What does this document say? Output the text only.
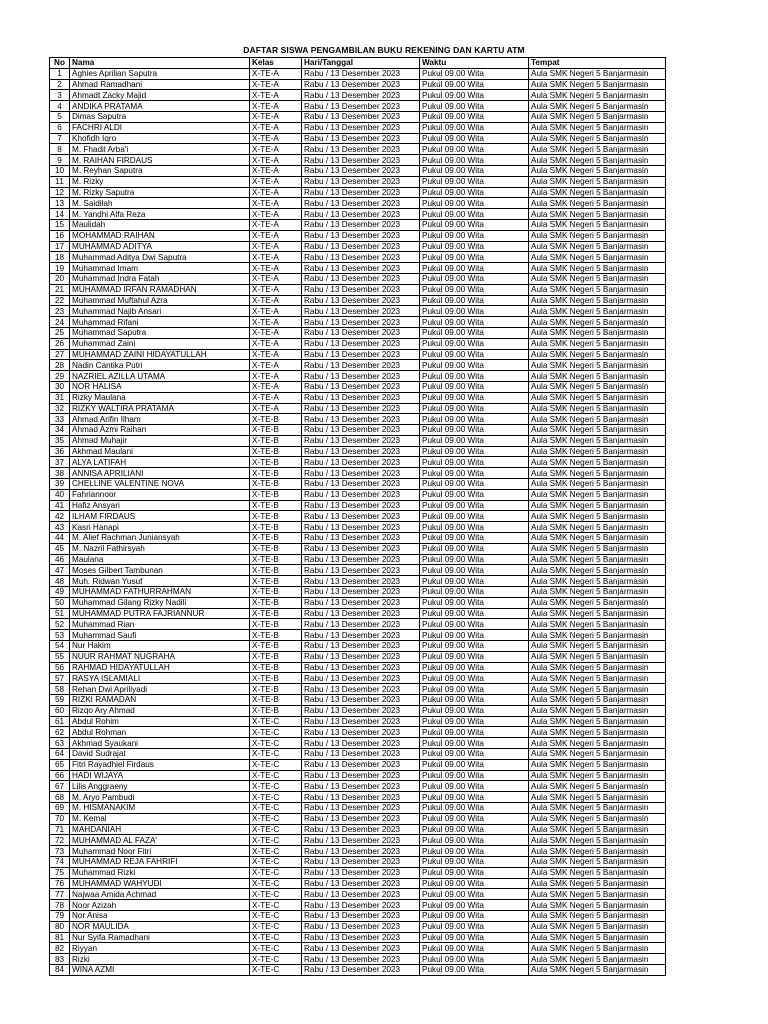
DAFTAR SISWA PENGAMBILAN BUKU REKENING DAN KARTU ATM
No	Nama	Kelas	Hari/Tanggal	Waktu	Tempat
1	Aghies Aprilian Saputra	X-TE-A	Rabu / 13 Desember 2023	Pukul 09.00 Wita	Aula SMK Negeri 5 Banjarmasin
2	Ahmad Ramadhani	X-TE-A	Rabu / 13 Desember 2023	Pukul 09.00 Wita	Aula SMK Negeri 5 Banjarmasin
3	Ahmadt Zacky Majid	X-TE-A	Rabu / 13 Desember 2023	Pukul 09.00 Wita	Aula SMK Negeri 5 Banjarmasin
4	ANDIKA PRATAMA	X-TE-A	Rabu / 13 Desember 2023	Pukul 09.00 Wita	Aula SMK Negeri 5 Banjarmasin
5	Dimas Saputra	X-TE-A	Rabu / 13 Desember 2023	Pukul 09.00 Wita	Aula SMK Negeri 5 Banjarmasin
6	FACHRI ALDI	X-TE-A	Rabu / 13 Desember 2023	Pukul 09.00 Wita	Aula SMK Negeri 5 Banjarmasin
7	Khofidh Iqro	X-TE-A	Rabu / 13 Desember 2023	Pukul 09.00 Wita	Aula SMK Negeri 5 Banjarmasin
8	M. Fhadil Arba'i	X-TE-A	Rabu / 13 Desember 2023	Pukul 09.00 Wita	Aula SMK Negeri 5 Banjarmasin
9	M. RAIHAN FIRDAUS	X-TE-A	Rabu / 13 Desember 2023	Pukul 09.00 Wita	Aula SMK Negeri 5 Banjarmasin
10	M. Reyhan Saputra	X-TE-A	Rabu / 13 Desember 2023	Pukul 09.00 Wita	Aula SMK Negeri 5 Banjarmasin
11	M. Rizky	X-TE-A	Rabu / 13 Desember 2023	Pukul 09.00 Wita	Aula SMK Negeri 5 Banjarmasin
12	M. Rizky Saputra	X-TE-A	Rabu / 13 Desember 2023	Pukul 09.00 Wita	Aula SMK Negeri 5 Banjarmasin
13	M. Saidilah	X-TE-A	Rabu / 13 Desember 2023	Pukul 09.00 Wita	Aula SMK Negeri 5 Banjarmasin
14	M. Yandhi Alfa Reza	X-TE-A	Rabu / 13 Desember 2023	Pukul 09.00 Wita	Aula SMK Negeri 5 Banjarmasin
15	Maulidah	X-TE-A	Rabu / 13 Desember 2023	Pukul 09.00 Wita	Aula SMK Negeri 5 Banjarmasin
16	MOHAMMAD RAIHAN	X-TE-A	Rabu / 13 Desember 2023	Pukul 09.00 Wita	Aula SMK Negeri 5 Banjarmasin
17	MUHAMMAD ADITYA	X-TE-A	Rabu / 13 Desember 2023	Pukul 09.00 Wita	Aula SMK Negeri 5 Banjarmasin
18	Muhammad Aditya Dwi Saputra	X-TE-A	Rabu / 13 Desember 2023	Pukul 09.00 Wita	Aula SMK Negeri 5 Banjarmasin
19	Muhammad Imam	X-TE-A	Rabu / 13 Desember 2023	Pukul 09.00 Wita	Aula SMK Negeri 5 Banjarmasin
20	Muhammad Indra Fatah	X-TE-A	Rabu / 13 Desember 2023	Pukul 09.00 Wita	Aula SMK Negeri 5 Banjarmasin
21	MUHAMMAD IRFAN RAMADHAN	X-TE-A	Rabu / 13 Desember 2023	Pukul 09.00 Wita	Aula SMK Negeri 5 Banjarmasin
22	Muhammad Muftahul Azra	X-TE-A	Rabu / 13 Desember 2023	Pukul 09.00 Wita	Aula SMK Negeri 5 Banjarmasin
23	Muhammad Najib Ansari	X-TE-A	Rabu / 13 Desember 2023	Pukul 09.00 Wita	Aula SMK Negeri 5 Banjarmasin
24	Muhammad Rifani	X-TE-A	Rabu / 13 Desember 2023	Pukul 09.00 Wita	Aula SMK Negeri 5 Banjarmasin
25	Muhammad Saputra	X-TE-A	Rabu / 13 Desember 2023	Pukul 09.00 Wita	Aula SMK Negeri 5 Banjarmasin
26	Muhammad Zaini	X-TE-A	Rabu / 13 Desember 2023	Pukul 09.00 Wita	Aula SMK Negeri 5 Banjarmasin
27	MUHAMMAD ZAINI HIDAYATULLAH	X-TE-A	Rabu / 13 Desember 2023	Pukul 09.00 Wita	Aula SMK Negeri 5 Banjarmasin
28	Nadin Cantika Putri	X-TE-A	Rabu / 13 Desember 2023	Pukul 09.00 Wita	Aula SMK Negeri 5 Banjarmasin
29	NAZRIEL AZILLA UTAMA	X-TE-A	Rabu / 13 Desember 2023	Pukul 09.00 Wita	Aula SMK Negeri 5 Banjarmasin
30	NOR HALISA	X-TE-A	Rabu / 13 Desember 2023	Pukul 09.00 Wita	Aula SMK Negeri 5 Banjarmasin
31	Rizky Maulana	X-TE-A	Rabu / 13 Desember 2023	Pukul 09.00 Wita	Aula SMK Negeri 5 Banjarmasin
32	RIZKY WALTIRA PRATAMA	X-TE-A	Rabu / 13 Desember 2023	Pukul 09.00 Wita	Aula SMK Negeri 5 Banjarmasin
33	Ahmad Arifin Ilham	X-TE-B	Rabu / 13 Desember 2023	Pukul 09.00 Wita	Aula SMK Negeri 5 Banjarmasin
34	Ahmad Azmi Raihan	X-TE-B	Rabu / 13 Desember 2023	Pukul 09.00 Wita	Aula SMK Negeri 5 Banjarmasin
35	Ahmad Muhajir	X-TE-B	Rabu / 13 Desember 2023	Pukul 09.00 Wita	Aula SMK Negeri 5 Banjarmasin
36	Akhmad Maulani	X-TE-B	Rabu / 13 Desember 2023	Pukul 09.00 Wita	Aula SMK Negeri 5 Banjarmasin
37	ALYA LATIFAH	X-TE-B	Rabu / 13 Desember 2023	Pukul 09.00 Wita	Aula SMK Negeri 5 Banjarmasin
38	ANNISA APRILIANI	X-TE-B	Rabu / 13 Desember 2023	Pukul 09.00 Wita	Aula SMK Negeri 5 Banjarmasin
39	CHELLINE VALENTINE NOVA	X-TE-B	Rabu / 13 Desember 2023	Pukul 09.00 Wita	Aula SMK Negeri 5 Banjarmasin
40	Fahriannoor	X-TE-B	Rabu / 13 Desember 2023	Pukul 09.00 Wita	Aula SMK Negeri 5 Banjarmasin
41	Hafiz Ansyari	X-TE-B	Rabu / 13 Desember 2023	Pukul 09.00 Wita	Aula SMK Negeri 5 Banjarmasin
42	ILHAM FIRDAUS	X-TE-B	Rabu / 13 Desember 2023	Pukul 09.00 Wita	Aula SMK Negeri 5 Banjarmasin
43	Kasri Hanapi	X-TE-B	Rabu / 13 Desember 2023	Pukul 09.00 Wita	Aula SMK Negeri 5 Banjarmasin
44	M. Alief Rachman Juniansyah	X-TE-B	Rabu / 13 Desember 2023	Pukul 09.00 Wita	Aula SMK Negeri 5 Banjarmasin
45	M. Nazril Fathirsyah	X-TE-B	Rabu / 13 Desember 2023	Pukul 09.00 Wita	Aula SMK Negeri 5 Banjarmasin
46	Maulana	X-TE-B	Rabu / 13 Desember 2023	Pukul 09.00 Wita	Aula SMK Negeri 5 Banjarmasin
47	Moses Gilbert Tambunan	X-TE-B	Rabu / 13 Desember 2023	Pukul 09.00 Wita	Aula SMK Negeri 5 Banjarmasin
48	Muh. Ridwan Yusuf	X-TE-B	Rabu / 13 Desember 2023	Pukul 09.00 Wita	Aula SMK Negeri 5 Banjarmasin
49	MUHAMMAD FATHURRAHMAN	X-TE-B	Rabu / 13 Desember 2023	Pukul 09.00 Wita	Aula SMK Negeri 5 Banjarmasin
50	Muhammad Gilang Rizky Nadili	X-TE-B	Rabu / 13 Desember 2023	Pukul 09.00 Wita	Aula SMK Negeri 5 Banjarmasin
51	MUHAMMAD PUTRA FAJRIANNUR	X-TE-B	Rabu / 13 Desember 2023	Pukul 09.00 Wita	Aula SMK Negeri 5 Banjarmasin
52	Muhammad Rian	X-TE-B	Rabu / 13 Desember 2023	Pukul 09.00 Wita	Aula SMK Negeri 5 Banjarmasin
53	Muhammad Saufi	X-TE-B	Rabu / 13 Desember 2023	Pukul 09.00 Wita	Aula SMK Negeri 5 Banjarmasin
54	Nur Hakim	X-TE-B	Rabu / 13 Desember 2023	Pukul 09.00 Wita	Aula SMK Negeri 5 Banjarmasin
55	NUUR RAHMAT NUGRAHA	X-TE-B	Rabu / 13 Desember 2023	Pukul 09.00 Wita	Aula SMK Negeri 5 Banjarmasin
56	RAHMAD HIDAYATULLAH	X-TE-B	Rabu / 13 Desember 2023	Pukul 09.00 Wita	Aula SMK Negeri 5 Banjarmasin
57	RASYA ISLAMIALI	X-TE-B	Rabu / 13 Desember 2023	Pukul 09.00 Wita	Aula SMK Negeri 5 Banjarmasin
58	Rehan Dwi Apriliyadi	X-TE-B	Rabu / 13 Desember 2023	Pukul 09.00 Wita	Aula SMK Negeri 5 Banjarmasin
59	RIZKI RAMADAN	X-TE-B	Rabu / 13 Desember 2023	Pukul 09.00 Wita	Aula SMK Negeri 5 Banjarmasin
60	Rizqo Ary Ahmad	X-TE-B	Rabu / 13 Desember 2023	Pukul 09.00 Wita	Aula SMK Negeri 5 Banjarmasin
61	Abdul Rohim	X-TE-C	Rabu / 13 Desember 2023	Pukul 09.00 Wita	Aula SMK Negeri 5 Banjarmasin
62	Abdul Rohman	X-TE-C	Rabu / 13 Desember 2023	Pukul 09.00 Wita	Aula SMK Negeri 5 Banjarmasin
63	Akhmad Syaukani	X-TE-C	Rabu / 13 Desember 2023	Pukul 09.00 Wita	Aula SMK Negeri 5 Banjarmasin
64	David Sudrajat	X-TE-C	Rabu / 13 Desember 2023	Pukul 09.00 Wita	Aula SMK Negeri 5 Banjarmasin
65	Fitri Rayadhiel Firdaus	X-TE-C	Rabu / 13 Desember 2023	Pukul 09.00 Wita	Aula SMK Negeri 5 Banjarmasin
66	HADI WIJAYA	X-TE-C	Rabu / 13 Desember 2023	Pukul 09.00 Wita	Aula SMK Negeri 5 Banjarmasin
67	Lilis Anggraeny	X-TE-C	Rabu / 13 Desember 2023	Pukul 09.00 Wita	Aula SMK Negeri 5 Banjarmasin
68	M. Aryo Pambudi	X-TE-C	Rabu / 13 Desember 2023	Pukul 09.00 Wita	Aula SMK Negeri 5 Banjarmasin
69	M. HISMANAKIM	X-TE-C	Rabu / 13 Desember 2023	Pukul 09.00 Wita	Aula SMK Negeri 5 Banjarmasin
70	M. Kemal	X-TE-C	Rabu / 13 Desember 2023	Pukul 09.00 Wita	Aula SMK Negeri 5 Banjarmasin
71	MAHDANIAH	X-TE-C	Rabu / 13 Desember 2023	Pukul 09.00 Wita	Aula SMK Negeri 5 Banjarmasin
72	MUHAMMAD AL FAZA'	X-TE-C	Rabu / 13 Desember 2023	Pukul 09.00 Wita	Aula SMK Negeri 5 Banjarmasin
73	Muhammad Noor Fitri	X-TE-C	Rabu / 13 Desember 2023	Pukul 09.00 Wita	Aula SMK Negeri 5 Banjarmasin
74	MUHAMMAD REJA FAHRIFI	X-TE-C	Rabu / 13 Desember 2023	Pukul 09.00 Wita	Aula SMK Negeri 5 Banjarmasin
75	Muhammad Rizki	X-TE-C	Rabu / 13 Desember 2023	Pukul 09.00 Wita	Aula SMK Negeri 5 Banjarmasin
76	MUHAMMAD WAHYUDI	X-TE-C	Rabu / 13 Desember 2023	Pukul 09.00 Wita	Aula SMK Negeri 5 Banjarmasin
77	Najwaa Amida Achmad	X-TE-C	Rabu / 13 Desember 2023	Pukul 09.00 Wita	Aula SMK Negeri 5 Banjarmasin
78	Noor Azizah	X-TE-C	Rabu / 13 Desember 2023	Pukul 09.00 Wita	Aula SMK Negeri 5 Banjarmasin
79	Nor Anisa	X-TE-C	Rabu / 13 Desember 2023	Pukul 09.00 Wita	Aula SMK Negeri 5 Banjarmasin
80	NOR MAULIDA	X-TE-C	Rabu / 13 Desember 2023	Pukul 09.00 Wita	Aula SMK Negeri 5 Banjarmasin
81	Nur Syifa Ramadhani	X-TE-C	Rabu / 13 Desember 2023	Pukul 09.00 Wita	Aula SMK Negeri 5 Banjarmasin
82	Riyyan	X-TE-C	Rabu / 13 Desember 2023	Pukul 09.00 Wita	Aula SMK Negeri 5 Banjarmasin
83	Rizki	X-TE-C	Rabu / 13 Desember 2023	Pukul 09.00 Wita	Aula SMK Negeri 5 Banjarmasin
84	WINA AZMI	X-TE-C	Rabu / 13 Desember 2023	Pukul 09.00 Wita	Aula SMK Negeri 5 Banjarmasin
